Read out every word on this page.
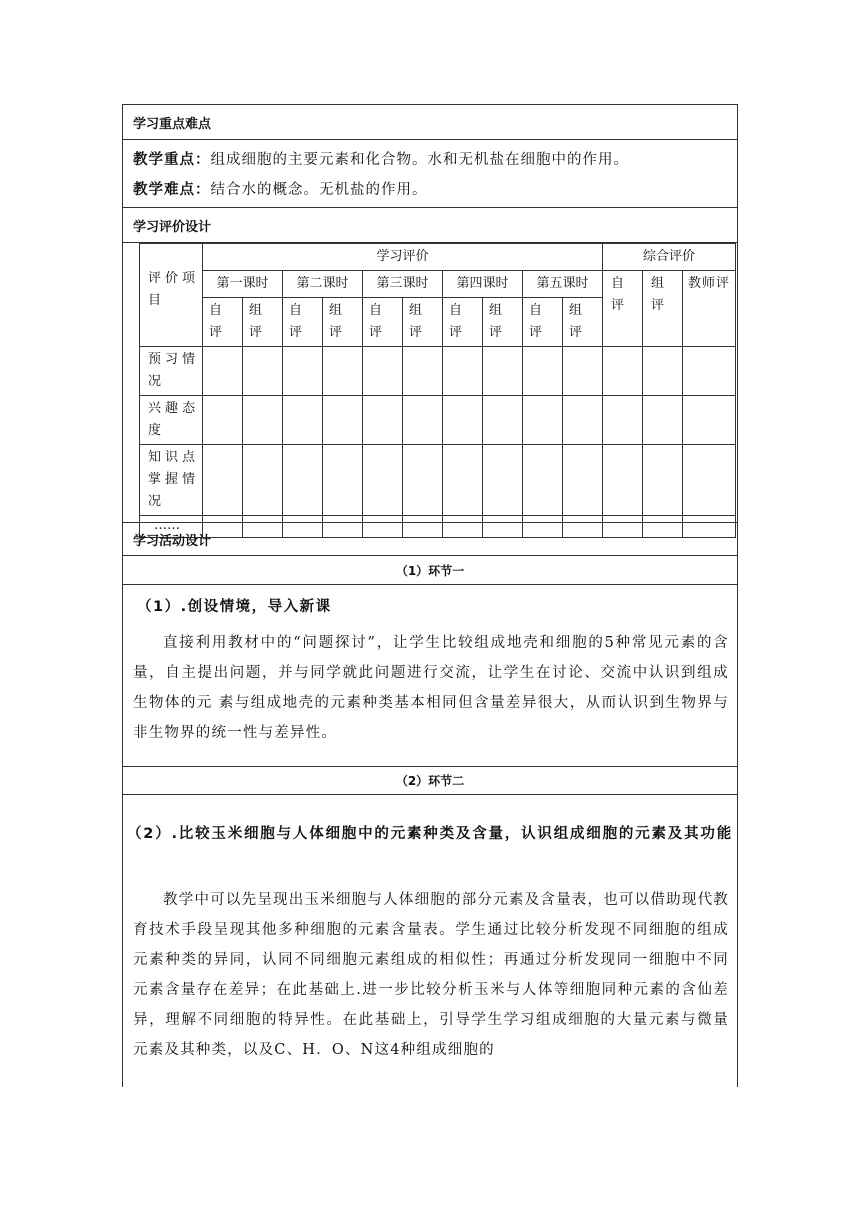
学习重点难点
教学重点：组成细胞的主要元素和化合物。水和无机盐在细胞中的作用。
教学难点：结合水的概念。无机盐的作用。
学习评价设计
评价项目	学习评价										综合评价		
	第一课时		第二课时		第三课时		第四课时		第五课时		自评	组评	教师评
	自评	组评	自评	组评	自评	组评	自评	组评	自评	组评			
预习情况													
兴趣态度													
知识点掌握情况													
……													
学习活动设计
（1）环节一
（1）.创设情境，导入新课
直接利用教材中的“问题探讨”，让学生比较组成地壳和细胞的5种常见元素的含量，自主提出问题，并与同学就此问题进行交流，让学生在讨论、交流中认识到组成生物体的元 素与组成地壳的元素种类基本相同但含量差异很大，从而认识到生物界与非生物界的统一性与差异性。
（2）环节二
（2）.比较玉米细胞与人体细胞中的元素种类及含量，认识组成细胞的元素及其功能
教学中可以先呈现出玉米细胞与人体细胞的部分元素及含量表，也可以借助现代教育技术手段呈现其他多种细胞的元素含量表。学生通过比较分析发现不同细胞的组成元素种类的异同，认同不同细胞元素组成的相似性；再通过分析发现同一细胞中不同元素含量存在差异；在此基础上.进一步比较分析玉米与人体等细胞同种元素的含仙差异，理解不同细胞的特异性。在此基础上，引导学生学习组成细胞的大量元素与微量元素及其种类，以及C、H．O、N这4种组成细胞的
